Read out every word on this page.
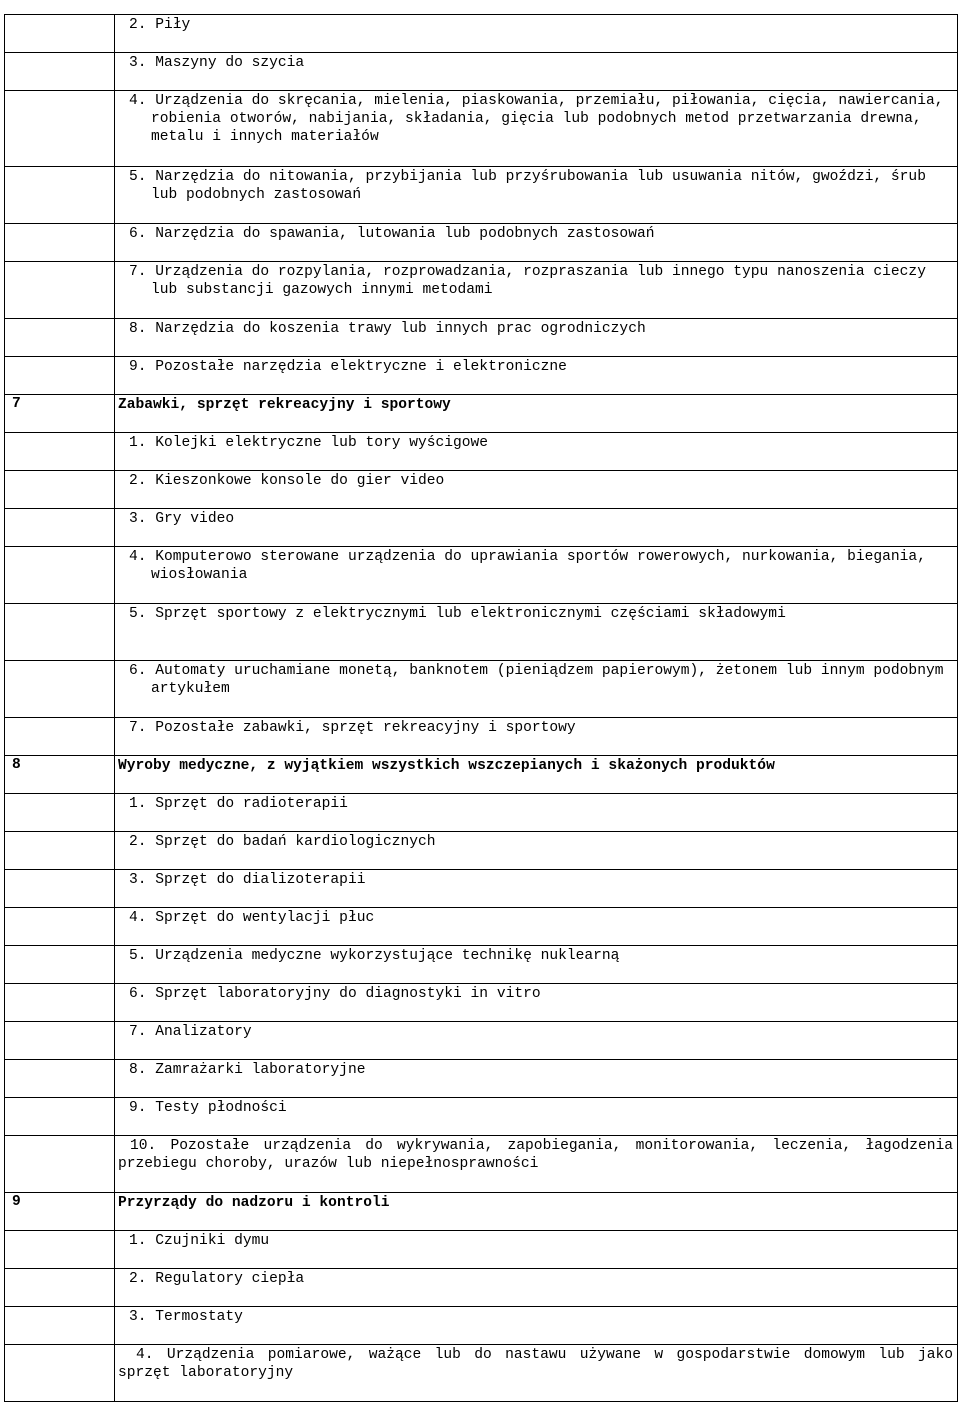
	2. Piły

	3. Maszyny do szycia

	4. Urządzenia do skręcania, mielenia, piaskowania, przemiału, piłowania, cięcia, nawiercania, robienia otworów, nabijania, składania, gięcia lub podobnych metod przetwarzania drewna, metalu i innych materiałów

	5. Narzędzia do nitowania, przybijania lub przyśrubowania lub usuwania nitów, gwoździ, śrub lub podobnych zastosowań

	6. Narzędzia do spawania, lutowania lub podobnych zastosowań

	7. Urządzenia do rozpylania, rozprowadzania, rozpraszania lub innego typu nanoszenia cieczy lub substancji gazowych innymi metodami

	8. Narzędzia do koszenia trawy lub innych prac ogrodniczych

	9. Pozostałe narzędzia elektryczne i elektroniczne

7	Zabawki, sprzęt rekreacyjny i sportowy

	1. Kolejki elektryczne lub tory wyścigowe

	2. Kieszonkowe konsole do gier video

	3. Gry video

	4. Komputerowo sterowane urządzenia do uprawiania sportów rowerowych, nurkowania, biegania, wiosłowania

	5. Sprzęt sportowy z elektrycznymi lub elektronicznymi częściami składowymi

	6. Automaty uruchamiane monetą, banknotem (pieniądzem papierowym), żetonem lub innym podobnym artykułem

	7. Pozostałe zabawki, sprzęt rekreacyjny i sportowy

8	Wyroby medyczne, z wyjątkiem wszystkich wszczepianych i skażonych produktów

	1. Sprzęt do radioterapii

	2. Sprzęt do badań kardiologicznych

	3. Sprzęt do dializoterapii

	4. Sprzęt do wentylacji płuc

	5. Urządzenia medyczne wykorzystujące technikę nuklearną

	6. Sprzęt laboratoryjny do diagnostyki in vitro

	7. Analizatory

	8. Zamrażarki laboratoryjne

	9. Testy płodności

	10. Pozostałe urządzenia do wykrywania, zapobiegania, monitorowania, leczenia, łagodzenia przebiegu choroby, urazów lub niepełnosprawności

9	Przyrządy do nadzoru i kontroli

	1. Czujniki dymu

	2. Regulatory ciepła

	3. Termostaty

	4. Urządzenia pomiarowe, ważące lub do nastawu używane w gospodarstwie domowym lub jako sprzęt laboratoryjny
